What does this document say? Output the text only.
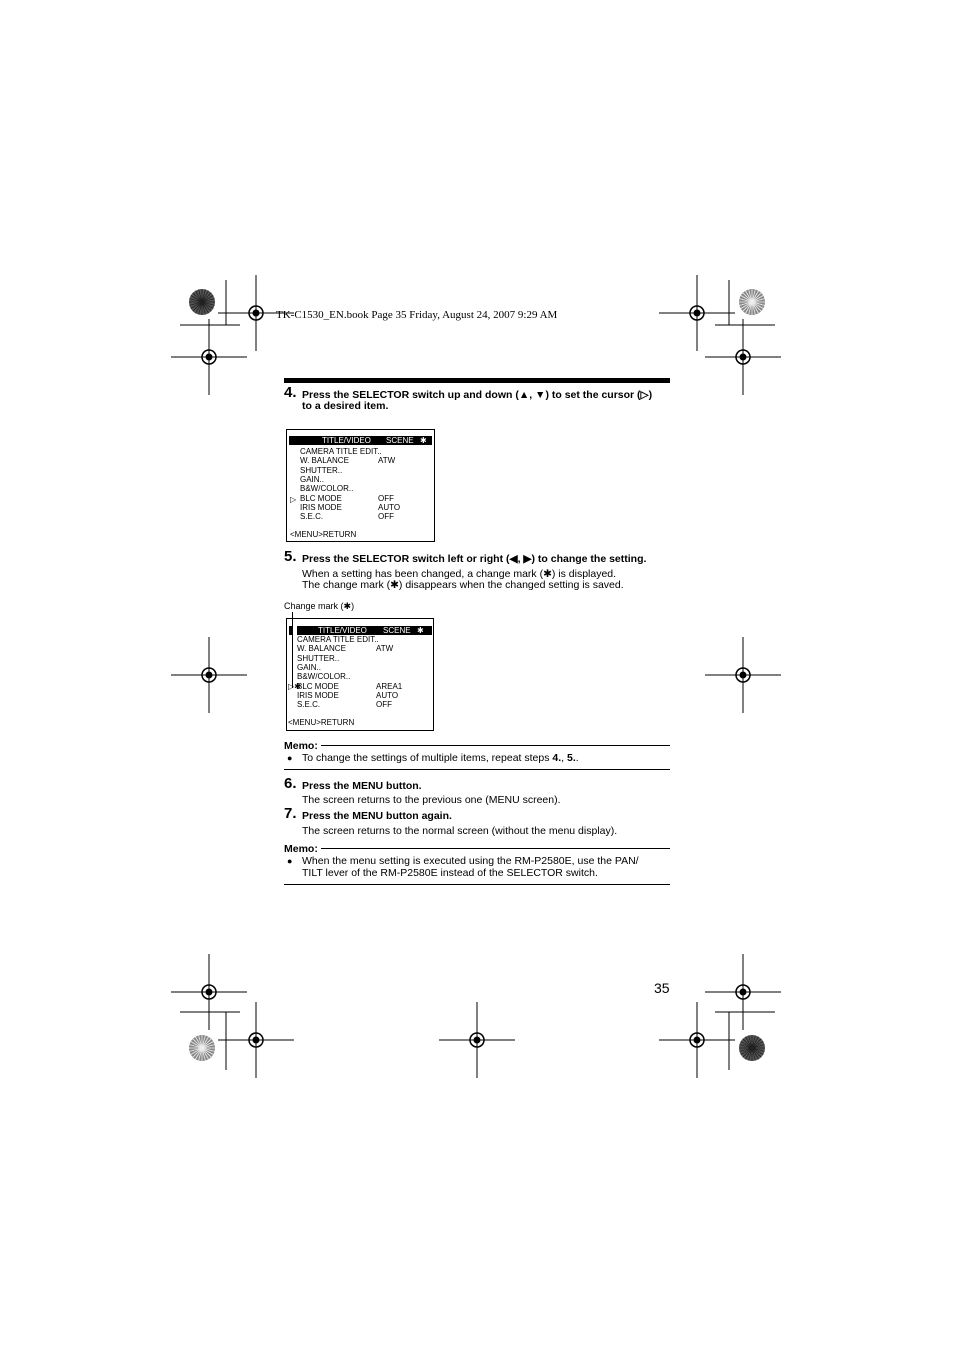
TK-C1530_EN.book Page 35 Friday, August 24, 2007 9:29 AM
4. Press the SELECTOR switch up and down (▲, ▼) to set the cursor (▷)
to a desired item.
TITLE/VIDEO SCENE ✱
▷
CAMERA TITLE EDIT..
W. BALANCE	ATW
SHUTTER..
GAIN..
B&W/COLOR..
BLC MODE	OFF
IRIS MODE	AUTO
S.E.C.	OFF
<MENU>RETURN
5. Press the SELECTOR switch left or right (◀, ▶) to change the setting.
When a setting has been changed, a change mark (✱) is displayed.
The change mark (✱) disappears when the changed setting is saved.
Change mark (✱)
TITLE/VIDEO SCENE ✱
▷✱
CAMERA TITLE EDIT..
W. BALANCE	ATW
SHUTTER..
GAIN..
B&W/COLOR..
BLC MODE	AREA1
IRIS MODE	AUTO
S.E.C.	OFF
<MENU>RETURN
Memo:
● To change the settings of multiple items, repeat steps 4., 5..
6. Press the MENU button.
The screen returns to the previous one (MENU screen).
7. Press the MENU button again.
The screen returns to the normal screen (without the menu display).
Memo:
● When the menu setting is executed using the RM-P2580E, use the PAN/
TILT lever of the RM-P2580E instead of the SELECTOR switch.
35
